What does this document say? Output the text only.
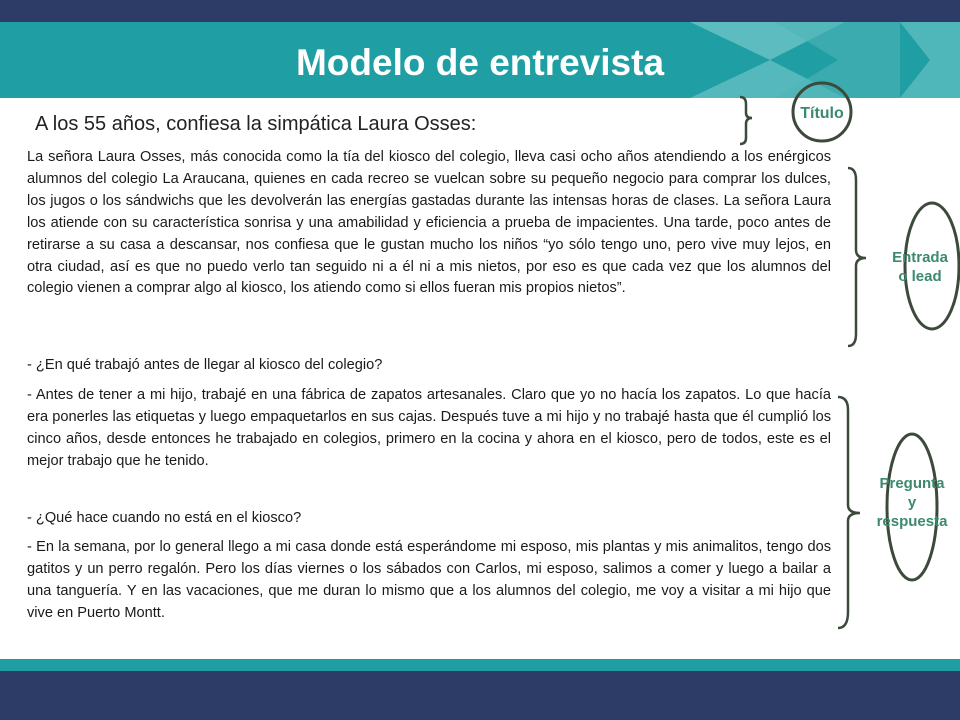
Modelo de entrevista

A los 55 años, confiesa la simpática Laura Osses:

La señora Laura Osses, más conocida como la tía del kiosco del colegio, lleva casi ocho años atendiendo a los enérgicos alumnos del colegio La Araucana, quienes en cada recreo se vuelcan sobre su pequeño negocio para comprar los dulces, los jugos o los sándwichs que les devolverán las energías gastadas durante las intensas horas de clases. La señora Laura los atiende con su característica sonrisa y una amabilidad y eficiencia a prueba de impacientes. Una tarde, poco antes de retirarse a su casa a descansar, nos confiesa que le gustan mucho los niños “yo sólo tengo uno, pero vive muy lejos, en otra ciudad, así es que no puedo verlo tan seguido ni a él ni a mis nietos, por eso es que cada vez que los alumnos del colegio vienen a comprar algo al kiosco, los atiendo como si ellos fueran mis propios nietos”.

- ¿En qué trabajó antes de llegar al kiosco del colegio?

- Antes de tener a mi hijo, trabajé en una fábrica de zapatos artesanales. Claro que yo no hacía los zapatos. Lo que hacía era ponerles las etiquetas y luego empaquetarlos en sus cajas. Después tuve a mi hijo y no trabajé hasta que él cumplió los cinco años, desde entonces he trabajado en colegios, primero en la cocina y ahora en el kiosco, pero de todos, este es el mejor trabajo que he tenido.

- ¿Qué hace cuando no está en el kiosco?

- En la semana, por lo general llego a mi casa donde está esperándome mi esposo, mis plantas y mis animalitos, tengo dos gatitos y un perro regalón. Pero los días viernes o los sábados con Carlos, mi esposo, salimos a comer y luego a bailar a una tanguería. Y en las vacaciones, que me duran lo mismo que a los alumnos del colegio, me voy a visitar a mi hijo que vive en Puerto Montt.

Título
Entrada
o lead
Pregunta
y
respuesta
